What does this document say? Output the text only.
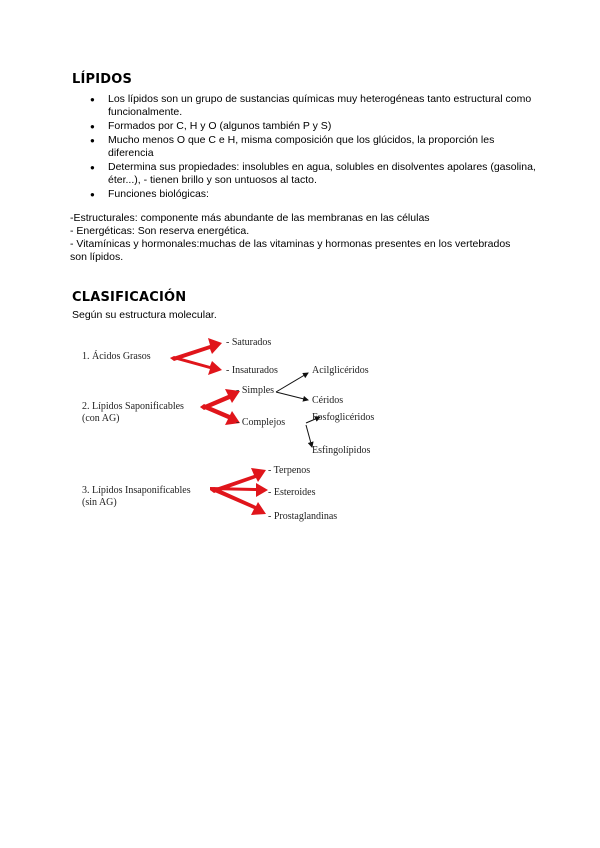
LÍPIDOS
● Los lípidos son un grupo de sustancias químicas muy heterogéneas tanto estructural como funcionalmente.
● Formados por C, H y O (algunos también P y S)
● Mucho menos O que C e H, misma composición que los glúcidos, la proporción les diferencia
● Determina sus propiedades: insolubles en agua, solubles en disolventes apolares (gasolina, éter...), - tienen brillo y son untuosos al tacto.
● Funciones biológicas:

-Estructurales: componente más abundante de las membranas en las células

- Energéticas: Son reserva energética.

- Vitamínicas y hormonales:muchas de las vitaminas y hormonas presentes en los vertebrados son lípidos.

CLASIFICACIÓN
Según su estructura molecular.
1. Ácidos Grasos
- Saturados
- Insaturados
2. Lípidos Saponificables
(con AG)
- Simples
- Complejos
Acilglicéridos
Céridos
Fosfoglicéridos
Esfingolípidos
3. Lípidos Insaponificables
(sin AG)
- Terpenos
- Esteroides
- Prostaglandinas
